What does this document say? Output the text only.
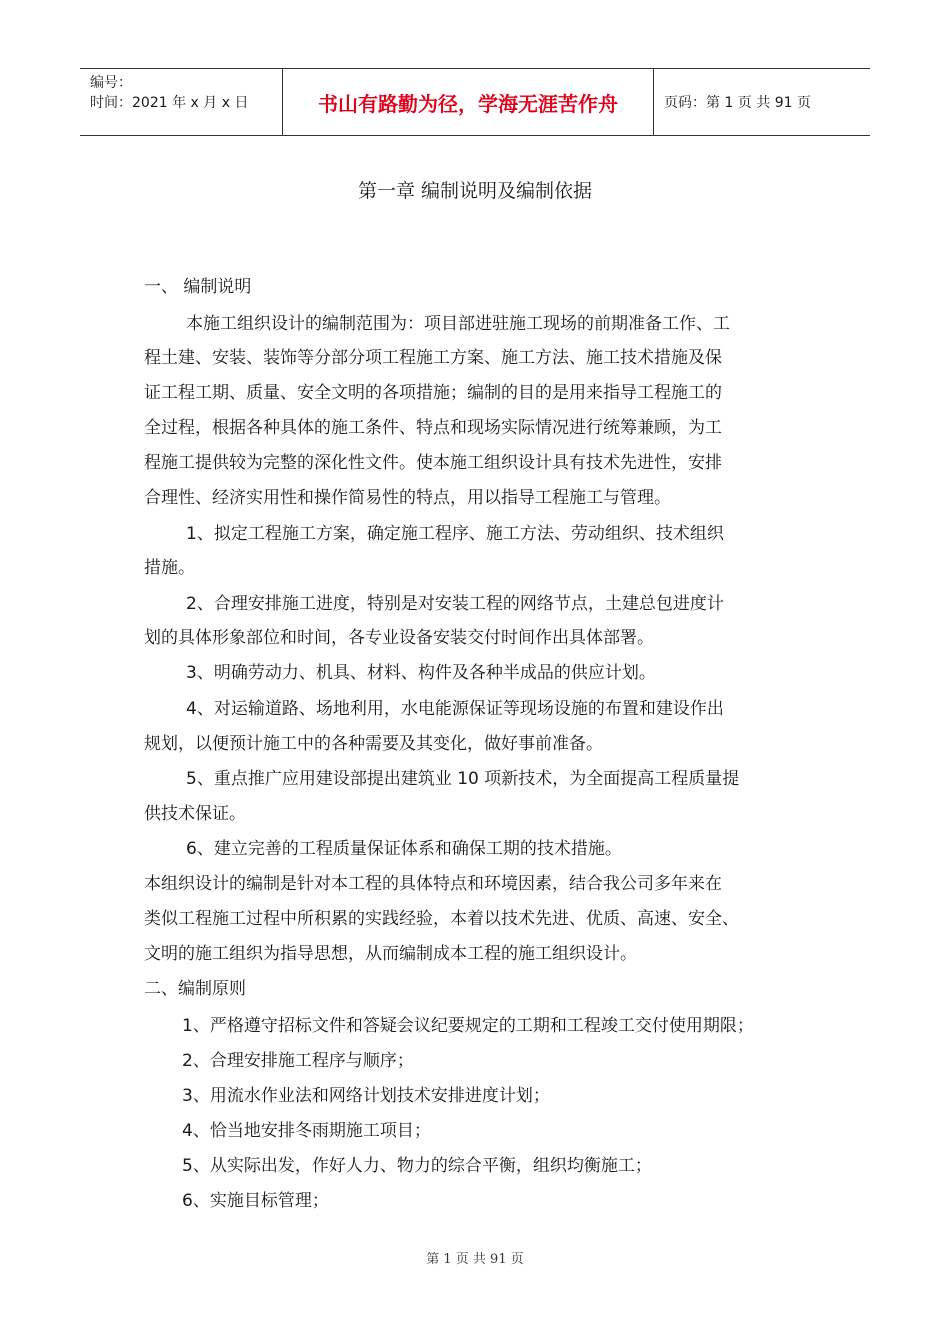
编号：
时间：2021 年 x 月 x 日	书山有路勤为径，学海无涯苦作舟	页码：第 1 页 共 91 页
第一章 编制说明及编制依据
一、 编制说明
本施工组织设计的编制范围为：项目部进驻施工现场的前期准备工作、工
程土建、安装、装饰等分部分项工程施工方案、施工方法、施工技术措施及保
证工程工期、质量、安全文明的各项措施；编制的目的是用来指导工程施工的
全过程，根据各种具体的施工条件、特点和现场实际情况进行统筹兼顾，为工
程施工提供较为完整的深化性文件。使本施工组织设计具有技术先进性，安排
合理性、经济实用性和操作简易性的特点，用以指导工程施工与管理。
1、拟定工程施工方案，确定施工程序、施工方法、劳动组织、技术组织
措施。
2、合理安排施工进度，特别是对安装工程的网络节点，土建总包进度计
划的具体形象部位和时间，各专业设备安装交付时间作出具体部署。
3、明确劳动力、机具、材料、构件及各种半成品的供应计划。
4、对运输道路、场地利用，水电能源保证等现场设施的布置和建设作出
规划，以便预计施工中的各种需要及其变化，做好事前准备。
5、重点推广应用建设部提出建筑业 10 项新技术，为全面提高工程质量提
供技术保证。
6、建立完善的工程质量保证体系和确保工期的技术措施。
本组织设计的编制是针对本工程的具体特点和环境因素，结合我公司多年来在
类似工程施工过程中所积累的实践经验，本着以技术先进、优质、高速、安全、
文明的施工组织为指导思想，从而编制成本工程的施工组织设计。
二、编制原则
1、严格遵守招标文件和答疑会议纪要规定的工期和工程竣工交付使用期限；
2、合理安排施工程序与顺序；
3、用流水作业法和网络计划技术安排进度计划；
4、恰当地安排冬雨期施工项目；
5、从实际出发，作好人力、物力的综合平衡，组织均衡施工；
6、实施目标管理；
第 1 页 共 91 页
